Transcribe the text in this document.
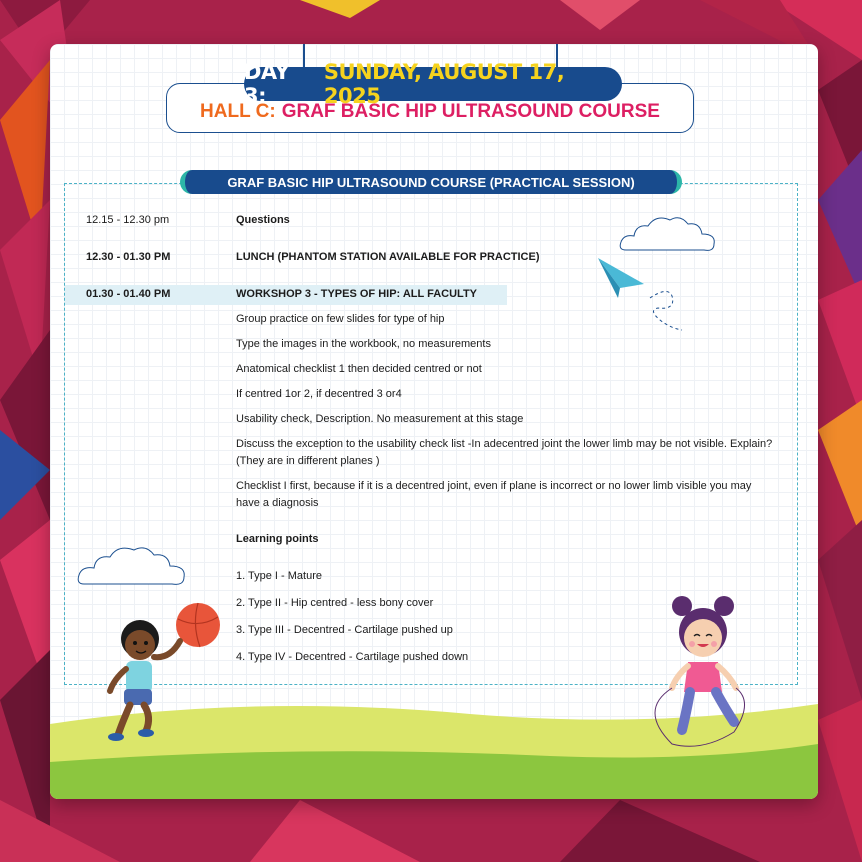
HALL C: GRAF BASIC HIP ULTRASOUND COURSE
DAY 3:
SUNDAY, AUGUST 17, 2025
GRAF BASIC HIP ULTRASOUND COURSE (PRACTICAL SESSION)
12.15 - 12.30 pm	Questions
12.30 - 01.30 PM	LUNCH (PHANTOM STATION AVAILABLE FOR PRACTICE)
01.30 - 01.40 PM	WORKSHOP 3 - TYPES OF HIP: ALL FACULTY
Group practice on few slides for type of hip
Type the images in the workbook, no measurements
Anatomical checklist 1 then decided centred or not
If centred 1or 2, if decentred 3 or4
Usability check, Description. No measurement at this stage
Discuss the exception to the usability check list -In adecentred joint the lower limb may be not visible. Explain? (They are in different planes )
Checklist I first, because if it is a decentred joint, even if plane is incorrect or no lower limb visible you may have a diagnosis
Learning points
1. Type I - Mature
2. Type II - Hip centred - less bony cover
3. Type III - Decentred - Cartilage pushed up
4. Type IV - Decentred - Cartilage pushed down
